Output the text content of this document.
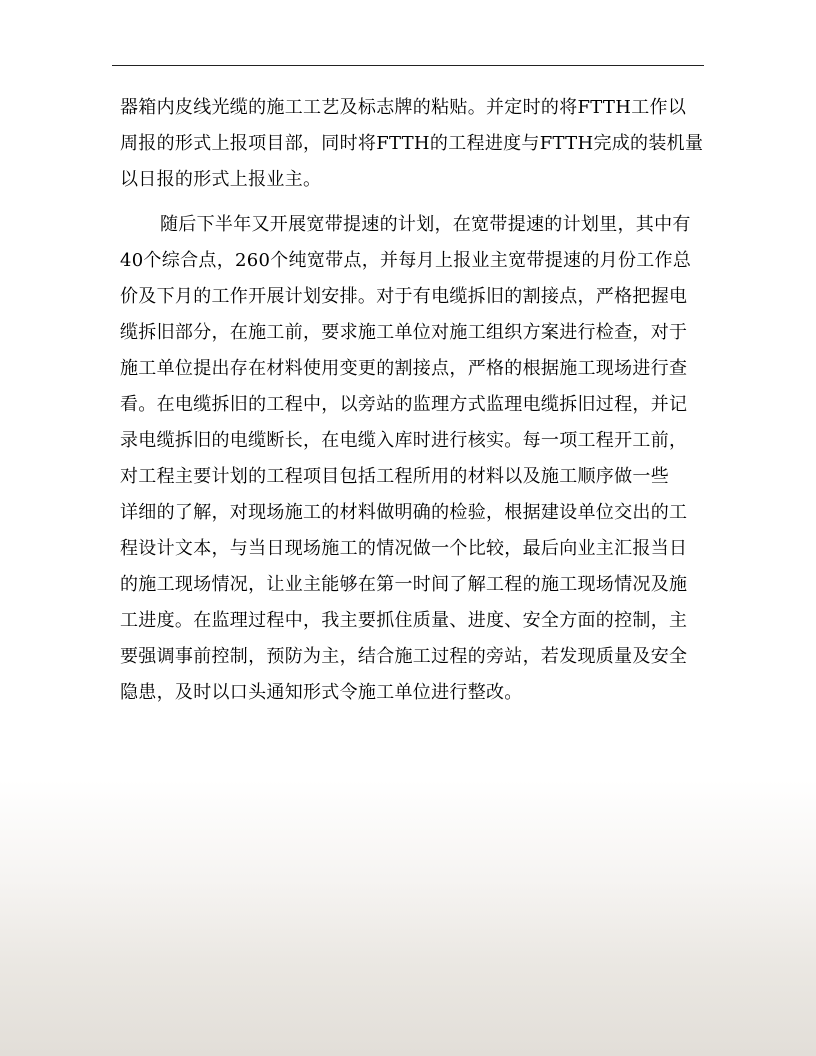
器箱内皮线光缆的施工工艺及标志牌的粘贴。并定时的将FTTH工作以
周报的形式上报项目部，同时将FTTH的工程进度与FTTH完成的装机量
以日报的形式上报业主。
随后下半年又开展宽带提速的计划，在宽带提速的计划里，其中有
40个综合点，260个纯宽带点，并每月上报业主宽带提速的月份工作总
价及下月的工作开展计划安排。对于有电缆拆旧的割接点，严格把握电
缆拆旧部分，在施工前，要求施工单位对施工组织方案进行检查，对于
施工单位提出存在材料使用变更的割接点，严格的根据施工现场进行查
看。在电缆拆旧的工程中，以旁站的监理方式监理电缆拆旧过程，并记
录电缆拆旧的电缆断长，在电缆入库时进行核实。每一项工程开工前，
对工程主要计划的工程项目包括工程所用的材料以及施工顺序做一些
详细的了解，对现场施工的材料做明确的检验，根据建设单位交出的工
程设计文本，与当日现场施工的情况做一个比较，最后向业主汇报当日
的施工现场情况，让业主能够在第一时间了解工程的施工现场情况及施
工进度。在监理过程中，我主要抓住质量、进度、安全方面的控制，主
要强调事前控制，预防为主，结合施工过程的旁站，若发现质量及安全
隐患，及时以口头通知形式令施工单位进行整改。
